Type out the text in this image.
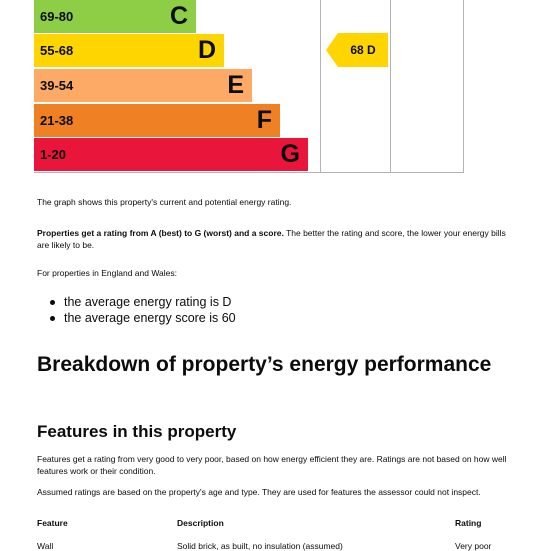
69-80	C
55-68	D
39-54	E
21-38	F
1-20	G
68 D

The graph shows this property's current and potential energy rating.

Properties get a rating from A (best) to G (worst) and a score. The better the rating and score, the lower your energy bills are likely to be.

For properties in England and Wales:

the average energy rating is D
the average energy score is 60
Breakdown of property’s energy performance
Features in this property

Features get a rating from very good to very poor, based on how energy efficient they are. Ratings are not based on how well features work or their condition.

Assumed ratings are based on the property's age and type. They are used for features the assessor could not inspect.

Feature	Description	Rating
Wall	Solid brick, as built, no insulation (assumed)	Very poor
